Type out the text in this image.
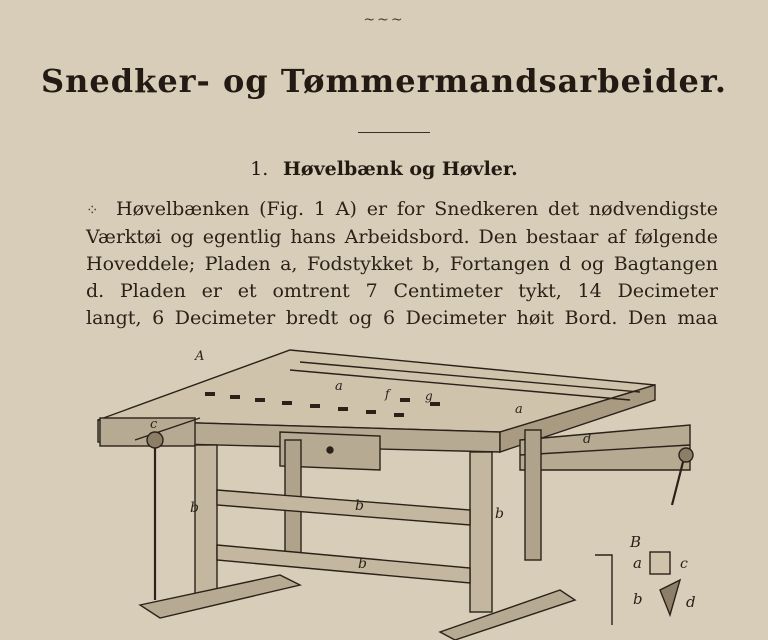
~~~
Snedker- og Tømmermandsarbeider.
1. Høvelbænk og Høvler.
⁘ Høvelbænken (Fig. 1 A) er for Snedkeren det nødvendigste
Værktøi og egentlig hans Arbeidsbord. Den bestaar af følgende
Hoveddele; Pladen a, Fodstykket b, Fortangen d og Bagtangen
d. Pladen er et omtrent 7 Centimeter tykt, 14 Decimeter
langt, 6 Decimeter bredt og 6 Decimeter høit Bord. Den maa
A
B
a
a
f	g
c
d
b	b
b
b
a
b
c
d
